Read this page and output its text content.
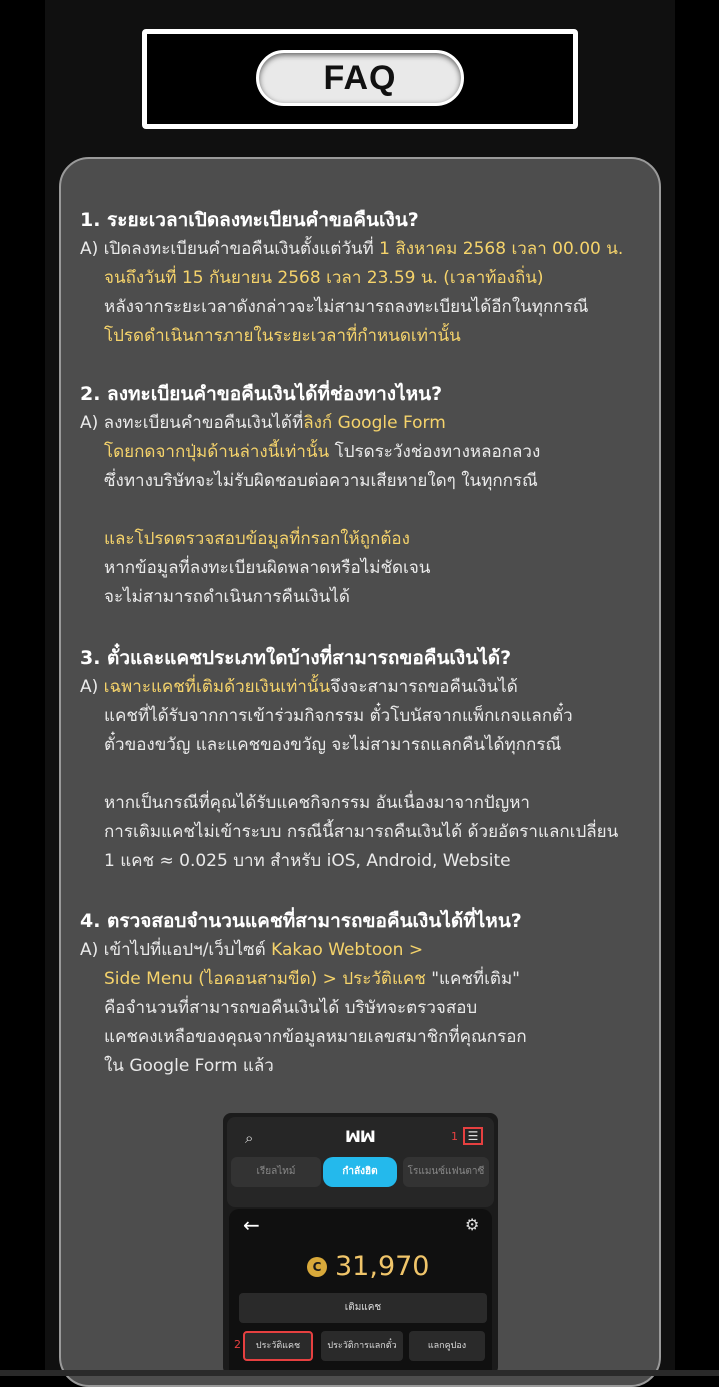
FAQ
1. ระยะเวลาเปิดลงทะเบียนคำขอคืนเงิน?
A) เปิดลงทะเบียนคำขอคืนเงินตั้งแต่วันที่ 1 สิงหาคม 2568 เวลา 00.00 น.
จนถึงวันที่ 15 กันยายน 2568 เวลา 23.59 น. (เวลาท้องถิ่น)
หลังจากระยะเวลาดังกล่าวจะไม่สามารถลงทะเบียนได้อีกในทุกกรณี
โปรดดำเนินการภายในระยะเวลาที่กำหนดเท่านั้น
2. ลงทะเบียนคำขอคืนเงินได้ที่ช่องทางไหน?
A) ลงทะเบียนคำขอคืนเงินได้ที่ลิงก์ Google Form
โดยกดจากปุ่มด้านล่างนี้เท่านั้น โปรดระวังช่องทางหลอกลวง
ซึ่งทางบริษัทจะไม่รับผิดชอบต่อความเสียหายใดๆ ในทุกกรณี
และโปรดตรวจสอบข้อมูลที่กรอกให้ถูกต้อง
หากข้อมูลที่ลงทะเบียนผิดพลาดหรือไม่ชัดเจน
จะไม่สามารถดำเนินการคืนเงินได้
3. ตั๋วและแคชประเภทใดบ้างที่สามารถขอคืนเงินได้?
A) เฉพาะแคชที่เติมด้วยเงินเท่านั้นจึงจะสามารถขอคืนเงินได้
แคชที่ได้รับจากการเข้าร่วมกิจกรรม ตั๋วโบนัสจากแพ็กเกจแลกตั๋ว
ตั๋วของขวัญ และแคชของขวัญ จะไม่สามารถแลกคืนได้ทุกกรณี
หากเป็นกรณีที่คุณได้รับแคชกิจกรรม อันเนื่องมาจากปัญหา
การเติมแคชไม่เข้าระบบ กรณีนี้สามารถคืนเงินได้ ด้วยอัตราแลกเปลี่ยน
1 แคช ≈ 0.025 บาท สำหรับ iOS, Android, Website
4. ตรวจสอบจำนวนแคชที่สามารถขอคืนเงินได้ที่ไหน?
A) เข้าไปที่แอปฯ/เว็บไซต์ Kakao Webtoon >
Side Menu (ไอคอนสามขีด) > ประวัติแคช "แคชที่เติม"
คือจำนวนที่สามารถขอคืนเงินได้ บริษัทจะตรวจสอบ
แคชคงเหลือของคุณจากข้อมูลหมายเลขสมาชิกที่คุณกรอก
ใน Google Form แล้ว
⌕	ꟽꟽ	1 ☰
เรียลไทม์	กำลังฮิต	โรแมนซ์แฟนตาซี
←	⚙
C 31,970
เติมแคช
2	ประวัติแคช	ประวัติการแลกตั๋ว	แลกคูปอง
